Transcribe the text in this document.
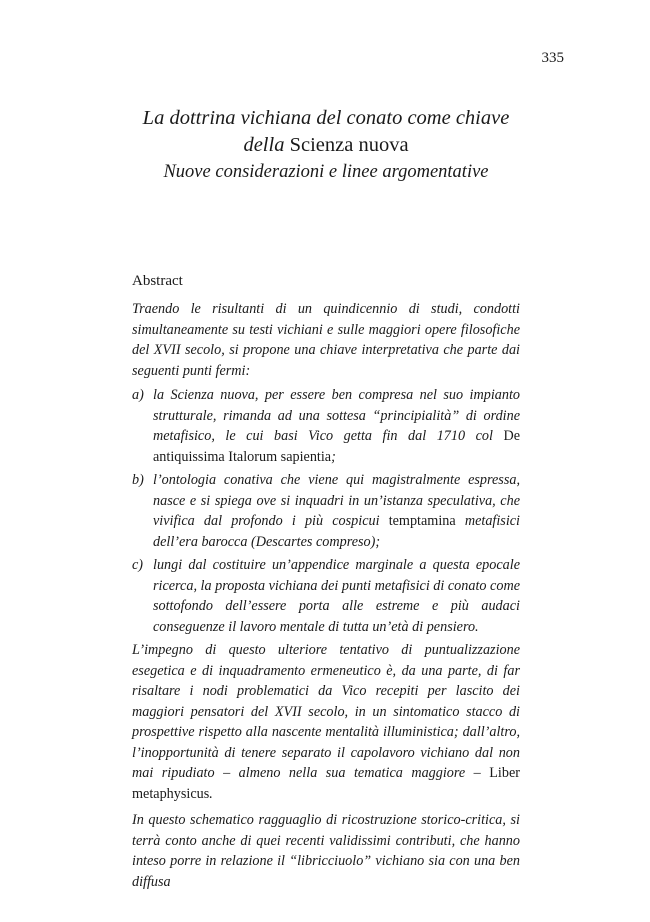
335
La dottrina vichiana del conato come chiave
della Scienza nuova
Nuove considerazioni e linee argomentative
Abstract

Traendo le risultanti di un quindicennio di studi, condotti simultaneamente su testi vichiani e sulle maggiori opere filosofiche del XVII secolo, si propone una chiave interpretativa che parte dai seguenti punti fermi:

a) la Scienza nuova, per essere ben compresa nel suo impianto strutturale, rimanda ad una sottesa “principialità” di ordine metafisico, le cui basi Vico getta fin dal 1710 col De antiquissima Italorum sapientia;
b) l’ontologia conativa che viene qui magistralmente espressa, nasce e si spiega ove si inquadri in un’istanza speculativa, che vivifica dal profondo i più cospicui temptamina metafisici dell’era barocca (Descartes compreso);
c) lungi dal costituire un’appendice marginale a questa epocale ricerca, la proposta vichiana dei punti metafisici di conato come sottofondo dell’essere porta alle estreme e più audaci conseguenze il lavoro mentale di tutta un’età di pensiero.

L’impegno di questo ulteriore tentativo di puntualizzazione esegetica e di inquadramento ermeneutico è, da una parte, di far risaltare i nodi problematici da Vico recepiti per lascito dei maggiori pensatori del XVII secolo, in un sintomatico stacco di prospettive rispetto alla nascente mentalità illuministica; dall’altro, l’inopportunità di tenere separato il capolavoro vichiano dal non mai ripudiato – almeno nella sua tematica maggiore – Liber metaphysicus.

In questo schematico ragguaglio di ricostruzione storico-critica, si terrà conto anche di quei recenti validissimi contributi, che hanno inteso porre in relazione il “libricciuolo” vichiano sia con una ben diffusa
